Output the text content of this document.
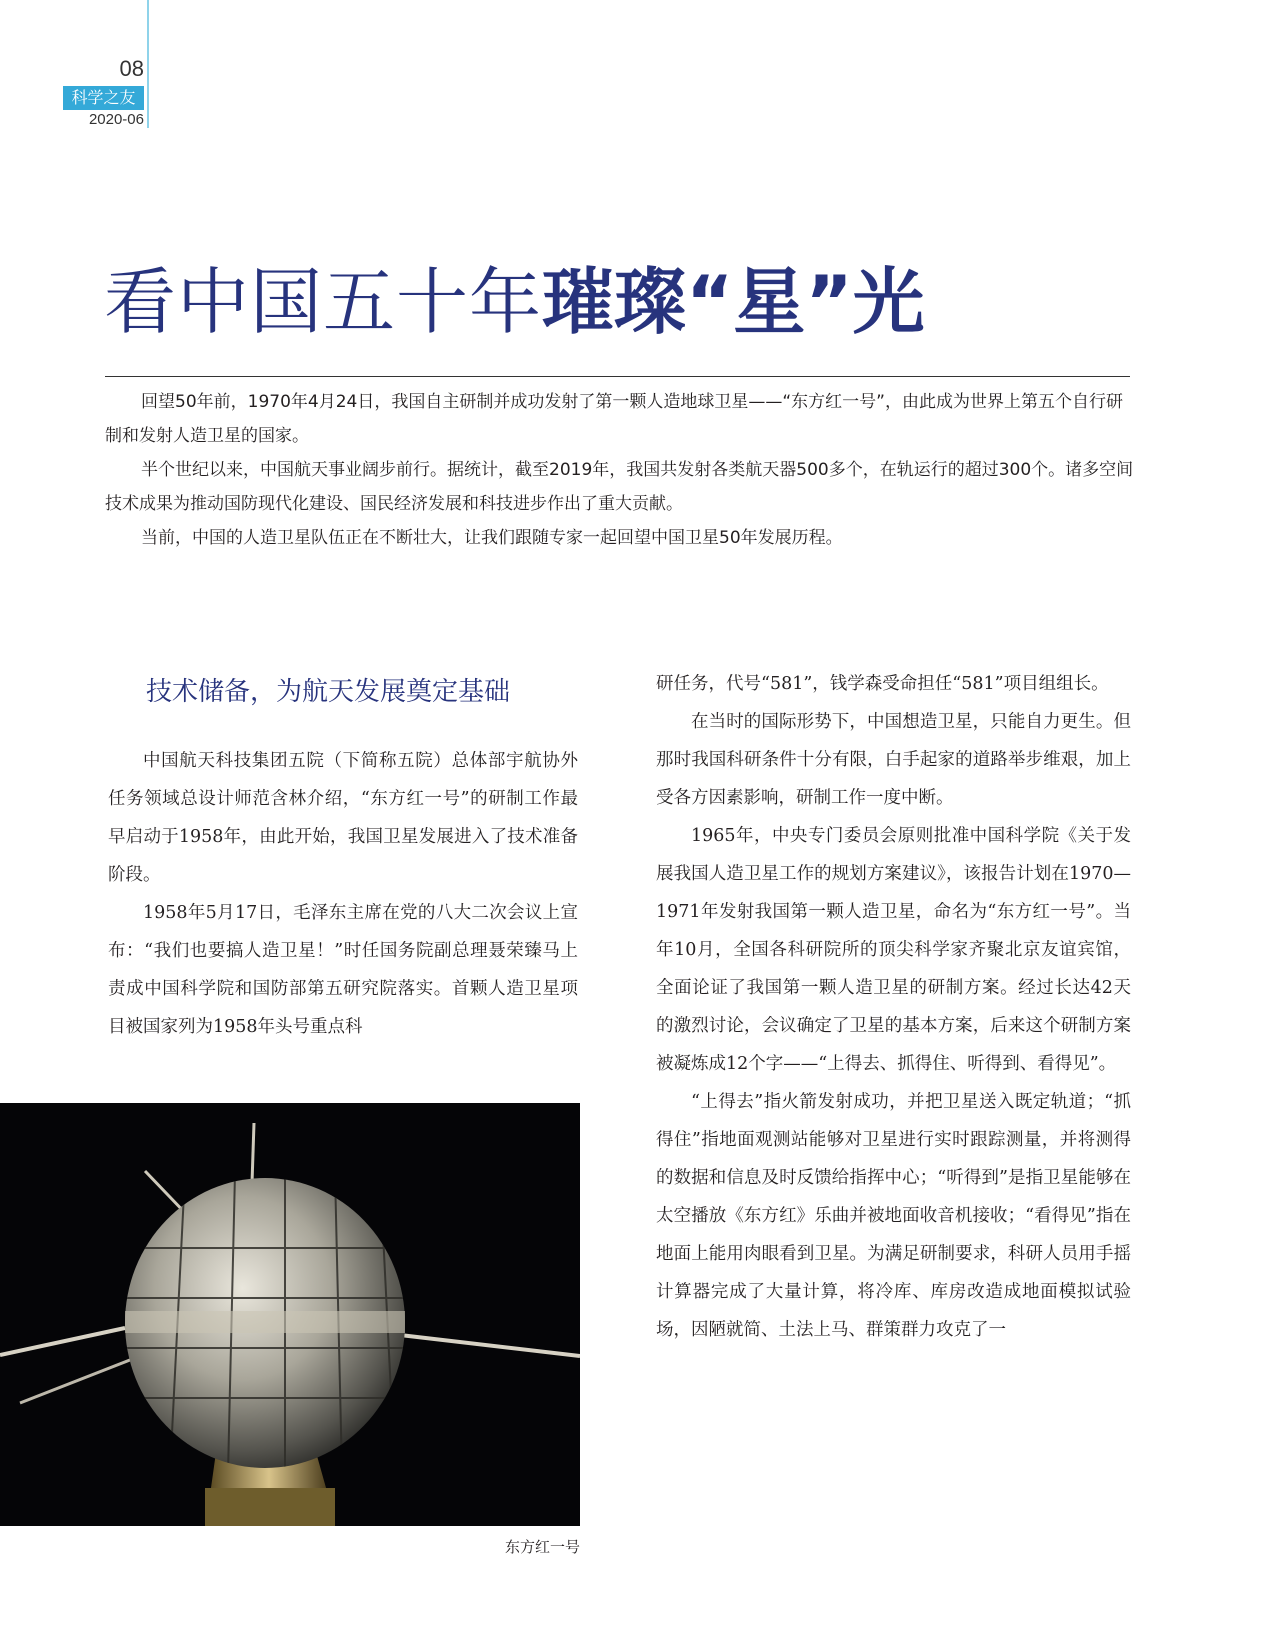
08
科学之友
2020-06
看中国五十年璀璨“星”光

回望50年前，1970年4月24日，我国自主研制并成功发射了第一颗人造地球卫星——“东方红一号”，由此成为世界上第五个自行研制和发射人造卫星的国家。

半个世纪以来，中国航天事业阔步前行。据统计，截至2019年，我国共发射各类航天器500多个，在轨运行的超过300个。诸多空间技术成果为推动国防现代化建设、国民经济发展和科技进步作出了重大贡献。

当前，中国的人造卫星队伍正在不断壮大，让我们跟随专家一起回望中国卫星50年发展历程。

技术储备，为航天发展奠定基础

中国航天科技集团五院（下简称五院）总体部宇航协外任务领域总设计师范含林介绍，“东方红一号”的研制工作最早启动于1958年，由此开始，我国卫星发展进入了技术准备阶段。

1958年5月17日，毛泽东主席在党的八大二次会议上宣布：“我们也要搞人造卫星！”时任国务院副总理聂荣臻马上责成中国科学院和国防部第五研究院落实。首颗人造卫星项目被国家列为1958年头号重点科

研任务，代号“581”，钱学森受命担任“581”项目组组长。

在当时的国际形势下，中国想造卫星，只能自力更生。但那时我国科研条件十分有限，白手起家的道路举步维艰，加上受各方因素影响，研制工作一度中断。

1965年，中央专门委员会原则批准中国科学院《关于发展我国人造卫星工作的规划方案建议》，该报告计划在1970—1971年发射我国第一颗人造卫星，命名为“东方红一号”。当年10月，全国各科研院所的顶尖科学家齐聚北京友谊宾馆，全面论证了我国第一颗人造卫星的研制方案。经过长达42天的激烈讨论，会议确定了卫星的基本方案，后来这个研制方案被凝炼成12个字——“上得去、抓得住、听得到、看得见”。

“上得去”指火箭发射成功，并把卫星送入既定轨道；“抓得住”指地面观测站能够对卫星进行实时跟踪测量，并将测得的数据和信息及时反馈给指挥中心；“听得到”是指卫星能够在太空播放《东方红》乐曲并被地面收音机接收；“看得见”指在地面上能用肉眼看到卫星。为满足研制要求，科研人员用手摇计算器完成了大量计算，将冷库、库房改造成地面模拟试验场，因陋就简、土法上马、群策群力攻克了一

东方红一号
